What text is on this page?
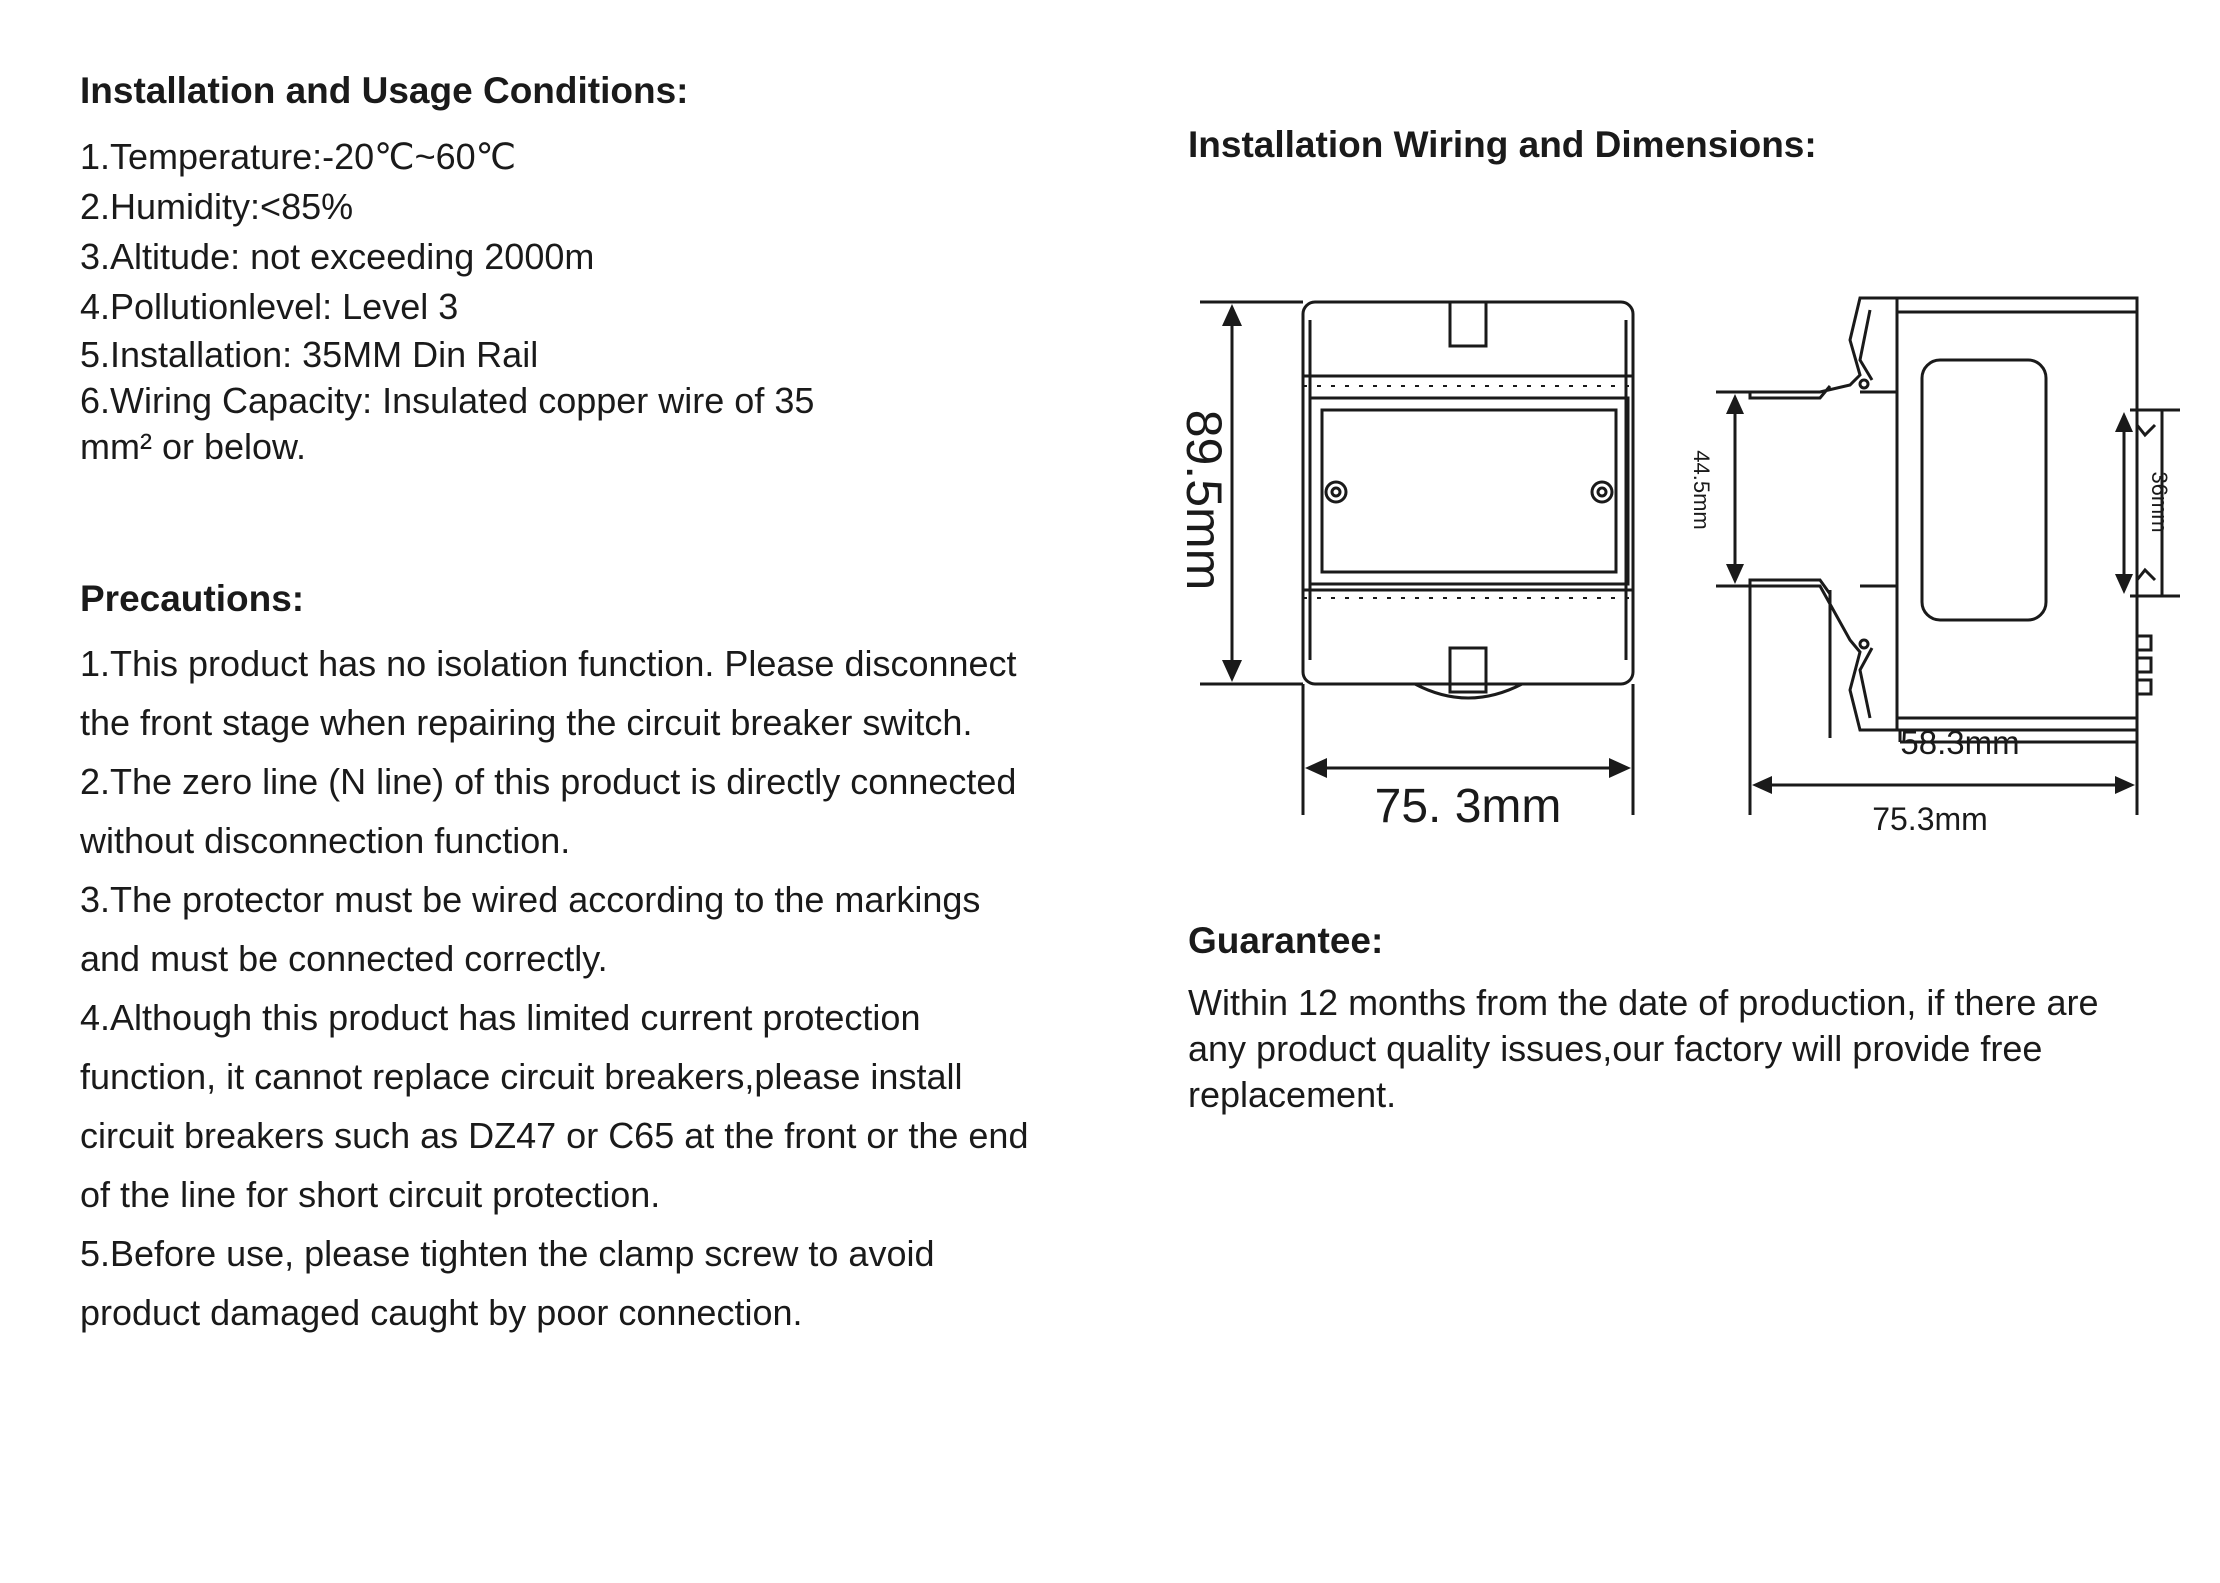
Installation and Usage Conditions:
1.Temperature:-20℃~60℃
2.Humidity:<85%
3.Altitude: not exceeding 2000m
4.Pollutionlevel: Level 3
5.Installation: 35MM Din Rail
6.Wiring Capacity: Insulated copper wire of 35
mm² or below.
Precautions:
1.This product has no isolation function. Please disconnect
the front stage when repairing the circuit breaker switch.
2.The zero line (N line) of this product is directly connected
without disconnection function.
3.The protector must be wired according to the markings
and must be connected correctly.
4.Although this product has limited current protection
function, it cannot replace circuit breakers,please install
circuit breakers such as DZ47 or C65 at the front or the end
of the line for short circuit protection.
5.Before use, please tighten the clamp screw to avoid
product damaged caught by poor connection.
Installation Wiring and Dimensions:
89.5mm
75. 3mm
44.5mm	36mm
58.3mm
75.3mm
Guarantee:
Within 12 months from the date of production, if there are
any product quality issues,our factory will provide free
replacement.
